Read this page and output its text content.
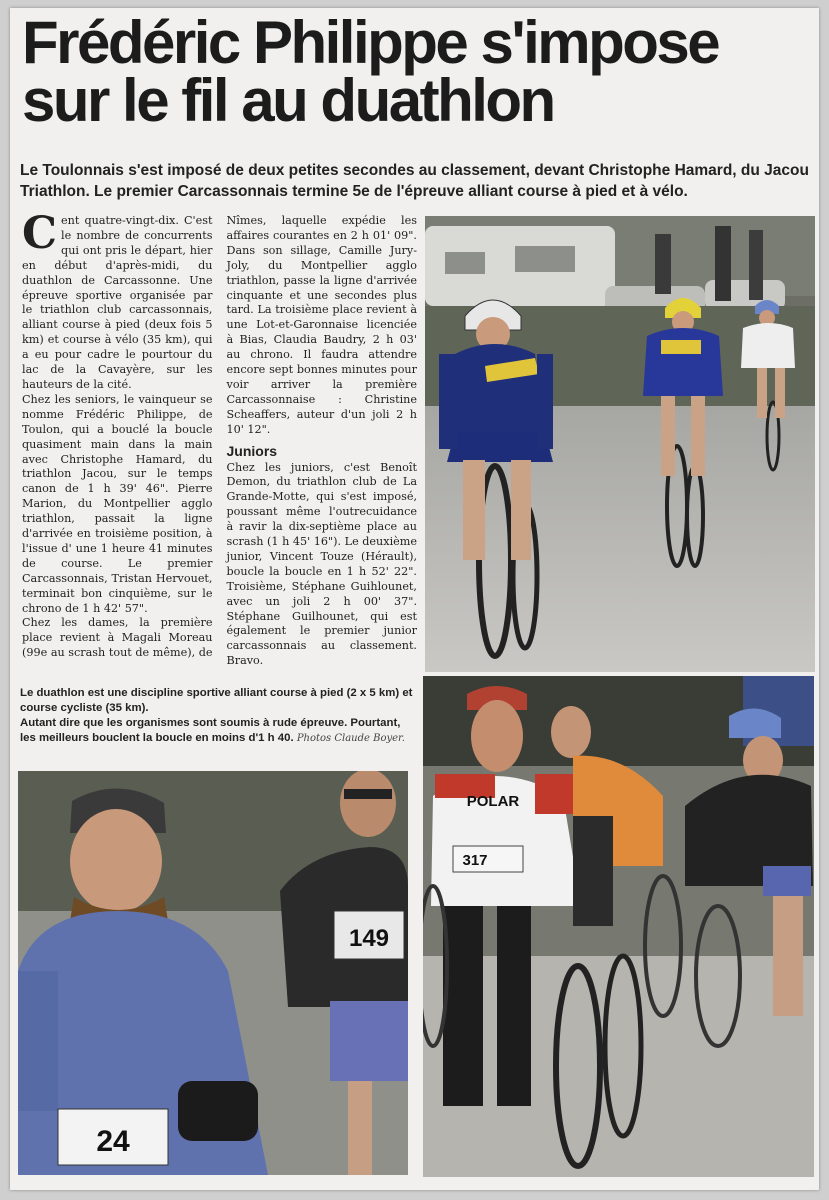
Frédéric Philippe s'impose
sur le fil au duathlon
Le Toulonnais s'est imposé de deux petites secondes au classement, devant Christophe Hamard, du Jacou Triathlon. Le premier Carcassonnais termine 5e de l'épreuve alliant course à pied et à vélo.

Cent quatre-vingt-dix. C'est le nombre de concurrents qui ont pris le départ, hier en début d'après-midi, du duathlon de Carcassonne. Une épreuve sportive organisée par le triathlon club carcassonnais, alliant course à pied (deux fois 5 km) et course à vélo (35 km), qui a eu pour cadre le pourtour du lac de la Cavayère, sur les hauteurs de la cité.

Chez les seniors, le vainqueur se nomme Frédéric Philippe, de Toulon, qui a bouclé la boucle quasiment main dans la main avec Christophe Hamard, du triathlon Jacou, sur le temps canon de 1 h 39' 46". Pierre Marion, du Montpellier agglo triathlon, passait la ligne d'arrivée en troisième position, à l'issue d' une 1 heure 41 minutes de course. Le premier Carcassonnais, Tristan Hervouet, terminait bon cinquième, sur le chrono de 1 h 42' 57".

Chez les dames, la première place revient à Magali Moreau (99e au scrash tout de même), de Nîmes, laquelle expédie les affaires courantes en 2 h 01' 09". Dans son sillage, Camille Jury-Joly, du Montpellier agglo triathlon, passe la ligne d'arrivée cinquante et une secondes plus tard. La troisième place revient à une Lot-et-Garonnaise licenciée à Bias, Claudia Baudry, 2 h 03' au chrono. Il faudra attendre encore sept bonnes minutes pour voir arriver la première Carcassonnaise : Christine Scheaffers, auteur d'un joli 2 h 10' 12".

Juniors

Chez les juniors, c'est Benoît Demon, du triathlon club de La Grande-Motte, qui s'est imposé, poussant même l'outrecuidance à ravir la dix-septième place au scrash (1 h 45' 16"). Le deuxième junior, Vincent Touze (Hérault), boucle la boucle en 1 h 52' 22". Troisième, Stéphane Guihlounet, avec un joli 2 h 00' 37". Stéphane Guilhounet, qui est également le premier junior carcassonnais au classement. Bravo.

Le duathlon est une discipline sportive alliant course à pied (2 x 5 km) et course cycliste (35 km).

Autant dire que les organismes sont soumis à rude épreuve. Pourtant, les meilleurs bouclent la boucle en moins d'1 h 40. Photos Claude Boyer.

24
149
POLAR
317
